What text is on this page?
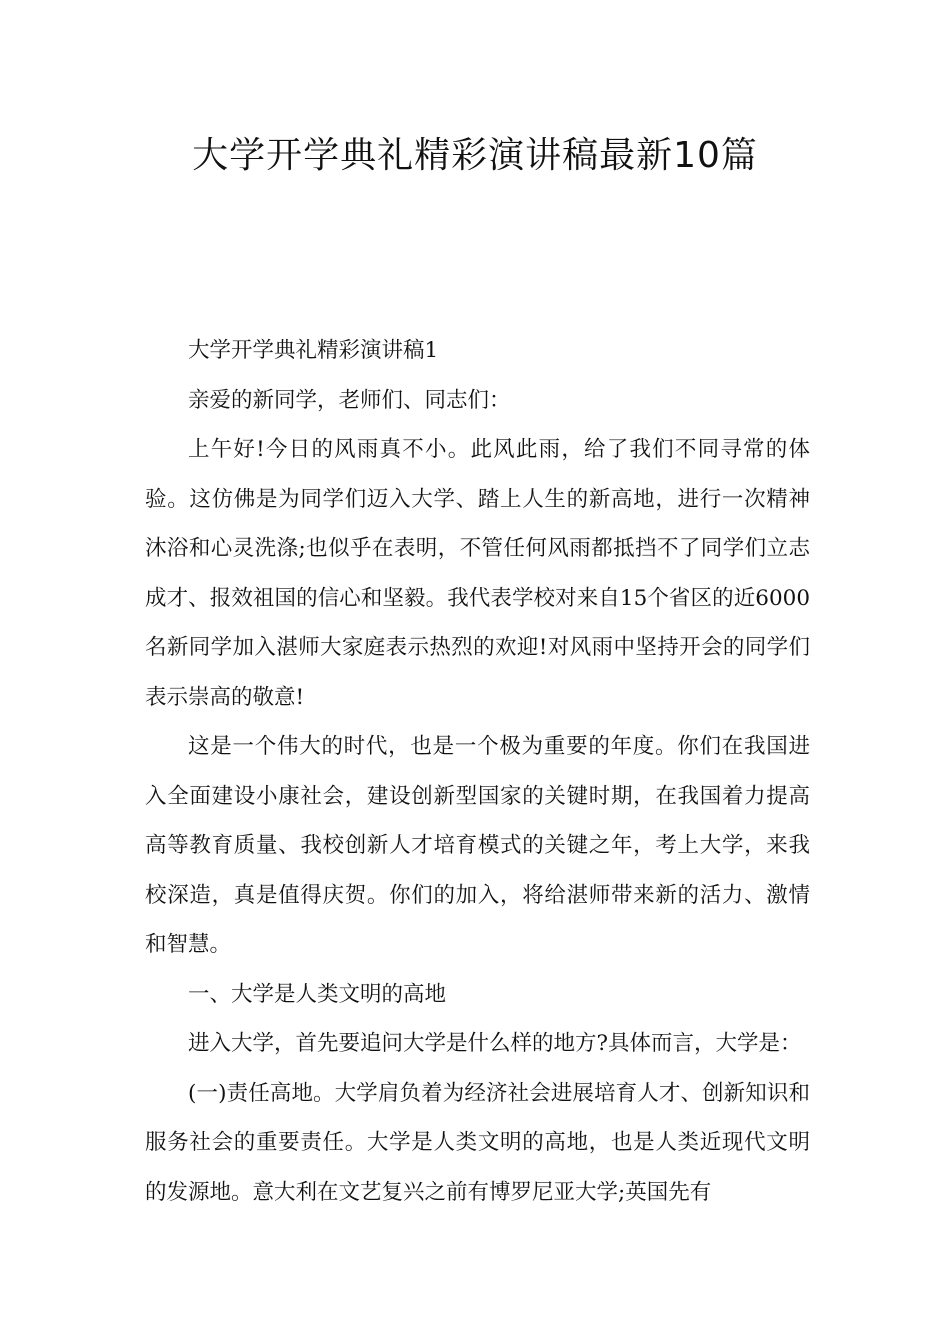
大学开学典礼精彩演讲稿最新10篇

大学开学典礼精彩演讲稿1

亲爱的新同学，老师们、同志们：

上午好!今日的风雨真不小。此风此雨，给了我们不同寻常的体验。这仿佛是为同学们迈入大学、踏上人生的新高地，进行一次精神沐浴和心灵洗涤;也似乎在表明，不管任何风雨都抵挡不了同学们立志成才、报效祖国的信心和坚毅。我代表学校对来自15个省区的近6000名新同学加入湛师大家庭表示热烈的欢迎!对风雨中坚持开会的同学们表示崇高的敬意!

这是一个伟大的时代，也是一个极为重要的年度。你们在我国进入全面建设小康社会，建设创新型国家的关键时期，在我国着力提高高等教育质量、我校创新人才培育模式的关键之年，考上大学，来我校深造，真是值得庆贺。你们的加入，将给湛师带来新的活力、激情和智慧。

一、大学是人类文明的高地

进入大学，首先要追问大学是什么样的地方?具体而言，大学是：

(一)责任高地。大学肩负着为经济社会进展培育人才、创新知识和服务社会的重要责任。大学是人类文明的高地，也是人类近现代文明的发源地。意大利在文艺复兴之前有博罗尼亚大学;英国先有
